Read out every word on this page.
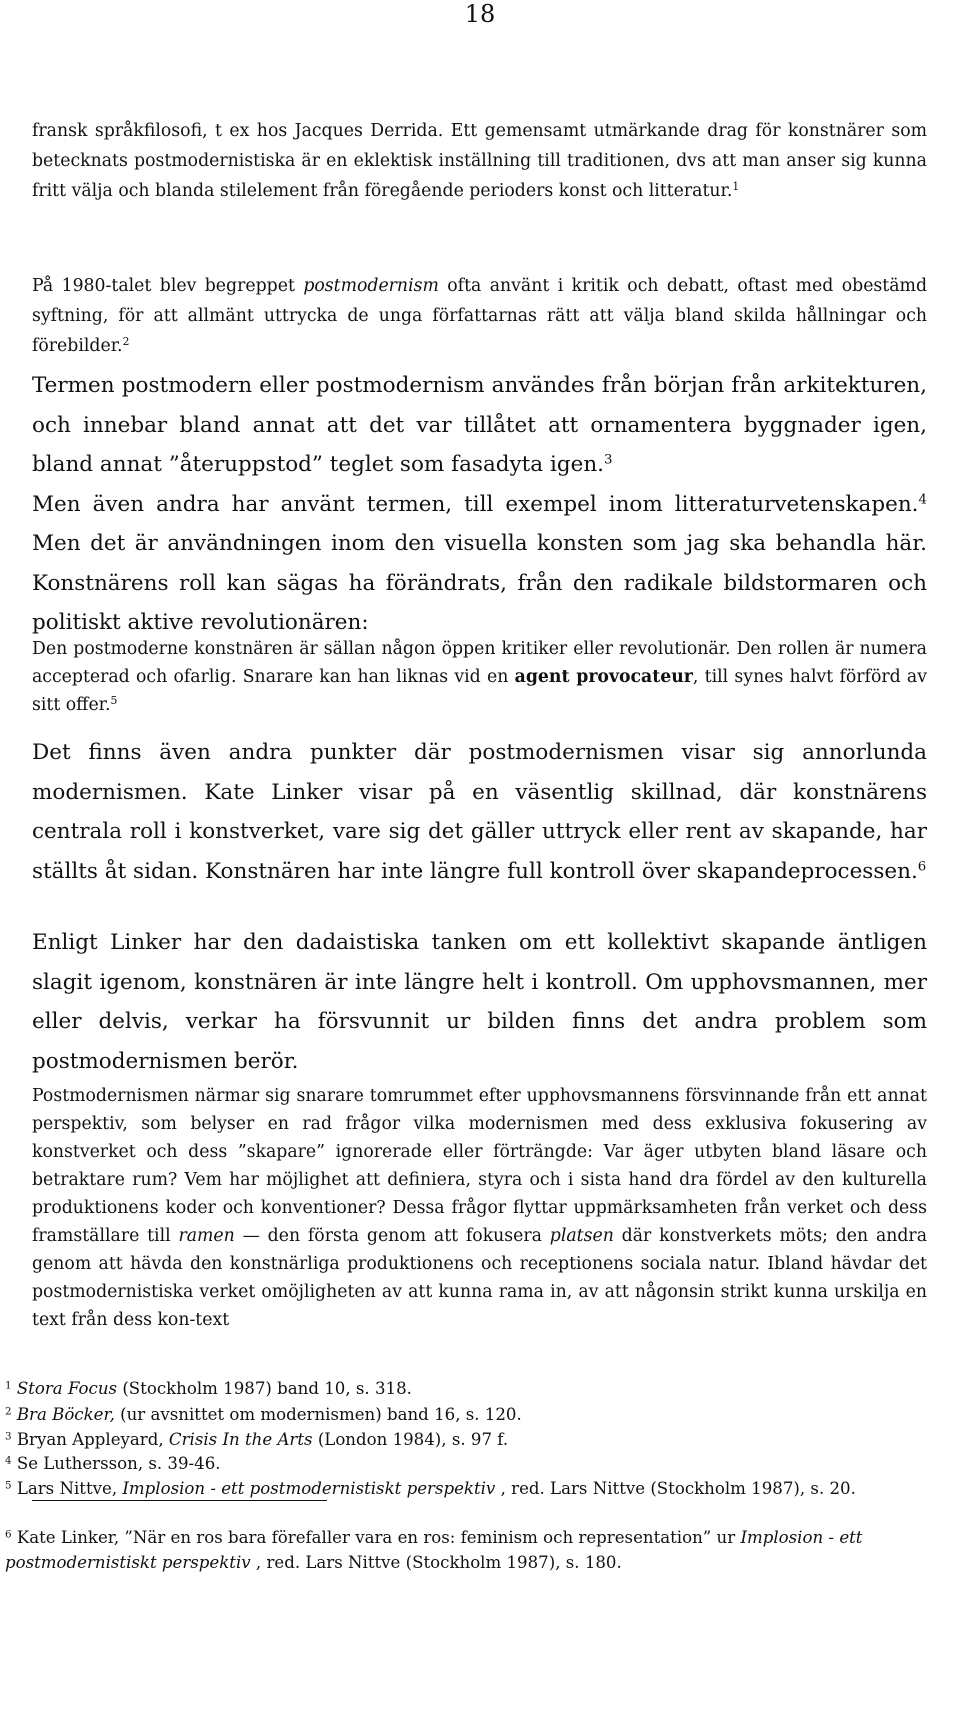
18

fransk språkfilosofi, t ex hos Jacques Derrida. Ett gemensamt utmärkande drag för konstnärer som betecknats postmodernistiska är en eklektisk inställning till traditionen, dvs att man anser sig kunna fritt välja och blanda stilelement från föregående perioders konst och litteratur.$^1$

På 1980-talet blev begreppet postmodernism ofta använt i kritik och debatt, oftast med obestämd syftning, för att allmänt uttrycka de unga författarnas rätt att välja bland skilda hållningar och förebilder.$^2$

Termen postmodern eller postmodernism användes från början från arkitekturen, och innebar bland annat att det var tillåtet att ornamentera byggnader igen, bland annat ”återuppstod” teglet som fasadyta igen.$^3$
Men även andra har använt termen, till exempel inom litteraturvetenskapen.$^4$ Men det är användningen inom den visuella konsten som jag ska behandla här. Konstnärens roll kan sägas ha förändrats, från den radikale bildstormaren och politiskt aktive revolutionären:

Den postmoderne konstnären är sällan någon öppen kritiker eller revolutionär. Den rollen är numera accepterad och ofarlig. Snarare kan han liknas vid en agent provocateur, till synes halvt förförd av sitt offer.$^5$

Det finns även andra punkter där postmodernismen visar sig annorlunda modernismen. Kate Linker visar på en väsentlig skillnad, där konstnärens centrala roll i konstverket, vare sig det gäller uttryck eller rent av skapande, har ställts åt sidan. Konstnären har inte längre full kontroll över skapandeprocessen.$^6$

Enligt Linker har den dadaistiska tanken om ett kollektivt skapande äntligen slagit igenom, konstnären är inte längre helt i kontroll. Om upphovsmannen, mer eller delvis, verkar ha försvunnit ur bilden finns det andra problem som postmodernismen berör.

Postmodernismen närmar sig snarare tomrummet efter upphovsmannens försvinnande från ett annat perspektiv, som belyser en rad frågor vilka modernismen med dess exklusiva fokusering av konstverket och dess ”skapare” ignorerade eller förträngde: Var äger utbyten bland läsare och betraktare rum? Vem har möjlighet att definiera, styra och i sista hand dra fördel av den kulturella produktionens koder och konventioner? Dessa frågor flyttar uppmärksamheten från verket och dess framställare till ramen — den första genom att fokusera platsen där konstverkets möts; den andra genom att hävda den konstnärliga produktionens och receptionens sociala natur. Ibland hävdar det postmodernistiska verket omöjligheten av att kunna rama in, av att någonsin strikt kunna urskilja en text från dess kon-text

$^1$ Stora Focus (Stockholm 1987) band 10, s. 318.
$^2$ Bra Böcker, (ur avsnittet om modernismen) band 16, s. 120.
$^3$ Bryan Appleyard, Crisis In the Arts (London 1984), s. 97 f.
$^4$ Se Luthersson, s. 39-46.
$^5$ Lars Nittve, Implosion - ett postmodernistiskt perspektiv , red. Lars Nittve (Stockholm 1987), s. 20.
$^6$ Kate Linker, ”När en ros bara förefaller vara en ros: feminism och representation” ur Implosion - ett postmodernistiskt perspektiv , red. Lars Nittve (Stockholm 1987), s. 180.
